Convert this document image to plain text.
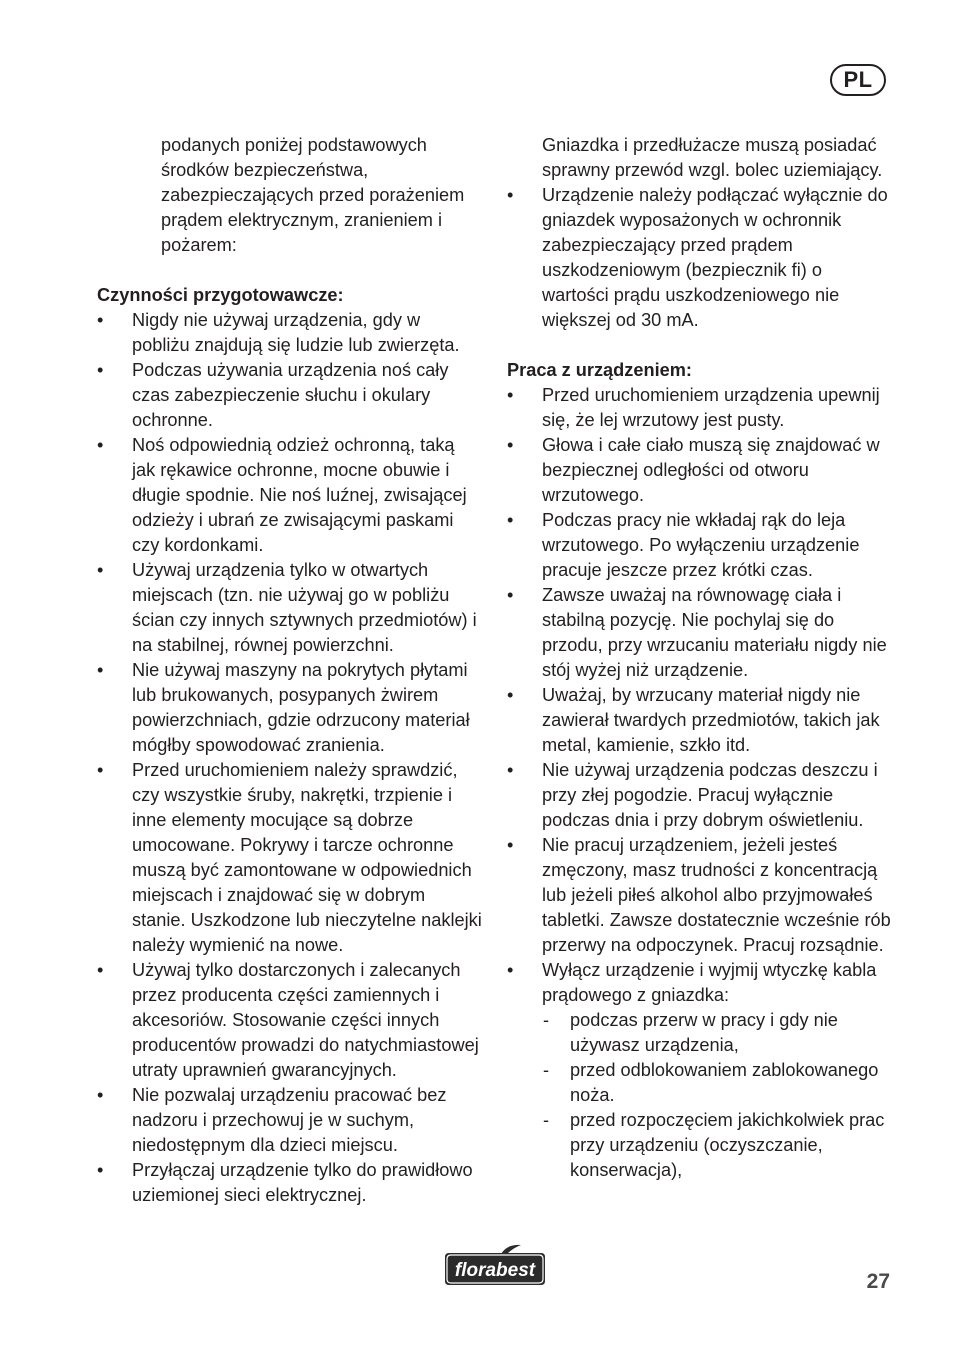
PL

podanych poniżej podstawowych środków bezpieczeństwa, zabezpieczających przed porażeniem prądem elektrycznym, zranieniem i pożarem:

Czynności przygotowawcze:

• Nigdy nie używaj urządzenia, gdy w pobliżu znajdują się ludzie lub zwierzęta.
• Podczas używania urządzenia noś cały czas zabezpieczenie słuchu i okulary ochronne.
• Noś odpowiednią odzież ochronną, taką jak rękawice ochronne, mocne obuwie i długie spodnie. Nie noś luźnej, zwisającej odzieży i ubrań ze zwisającymi paskami czy kordonkami.
• Używaj urządzenia tylko w otwartych miejscach (tzn. nie używaj go w pobliżu ścian czy innych sztywnych przedmiotów) i na stabilnej, równej powierzchni.
• Nie używaj maszyny na pokrytych płytami lub brukowanych, posypanych żwirem powierzchniach, gdzie odrzucony materiał mógłby spowodować zranienia.
• Przed uruchomieniem należy sprawdzić, czy wszystkie śruby, nakrętki, trzpienie i inne elementy mocujące są dobrze umocowane. Pokrywy i tarcze ochronne muszą być zamontowane w odpowiednich miejscach i znajdować się w dobrym stanie. Uszkodzone lub nieczytelne naklejki należy wymienić na nowe.
• Używaj tylko dostarczonych i zalecanych przez producenta części zamiennych i akcesoriów. Stosowanie części innych producentów prowadzi do natychmiastowej utraty uprawnień gwarancyjnych.
• Nie pozwalaj urządzeniu pracować bez nadzoru i przechowuj je w suchym, niedostępnym dla dzieci miejscu.
• Przyłączaj urządzenie tylko do prawidłowo uziemionej sieci elektrycznej.

Gniazdka i przedłużacze muszą posiadać sprawny przewód wzgl. bolec uziemiający.

• Urządzenie należy podłączać wyłącznie do gniazdek wyposażonych w ochronnik zabezpieczający przed prądem uszkodzeniowym (bezpiecznik fi) o wartości prądu uszkodzeniowego nie większej od 30 mA.

Praca z urządzeniem:

• Przed uruchomieniem urządzenia upewnij się, że lej wrzutowy jest pusty.
• Głowa i całe ciało muszą się znajdować w bezpiecznej odległości od otworu wrzutowego.
• Podczas pracy nie wkładaj rąk do leja wrzutowego. Po wyłączeniu urządzenie pracuje jeszcze przez krótki czas.
• Zawsze uważaj na równowagę ciała i stabilną pozycję. Nie pochylaj się do przodu, przy wrzucaniu materiału nigdy nie stój wyżej niż urządzenie.
• Uważaj, by wrzucany materiał nigdy nie zawierał twardych przedmiotów, takich jak metal, kamienie, szkło itd.
• Nie używaj urządzenia podczas deszczu i przy złej pogodzie. Pracuj wyłącznie podczas dnia i przy dobrym oświetleniu.
• Nie pracuj urządzeniem, jeżeli jesteś zmęczony, masz trudności z koncentracją lub jeżeli piłeś alkohol albo przyjmowałeś tabletki. Zawsze dostatecznie wcześnie rób przerwy na odpoczynek. Pracuj rozsądnie.
• Wyłącz urządzenie i wyjmij wtyczkę kabla prądowego z gniazdka:
- podczas przerw w pracy i gdy nie używasz urządzenia,
- przed odblokowaniem zablokowanego noża.
- przed rozpoczęciem jakichkolwiek prac przy urządzeniu (oczyszczanie, konserwacja),
florabest	27
